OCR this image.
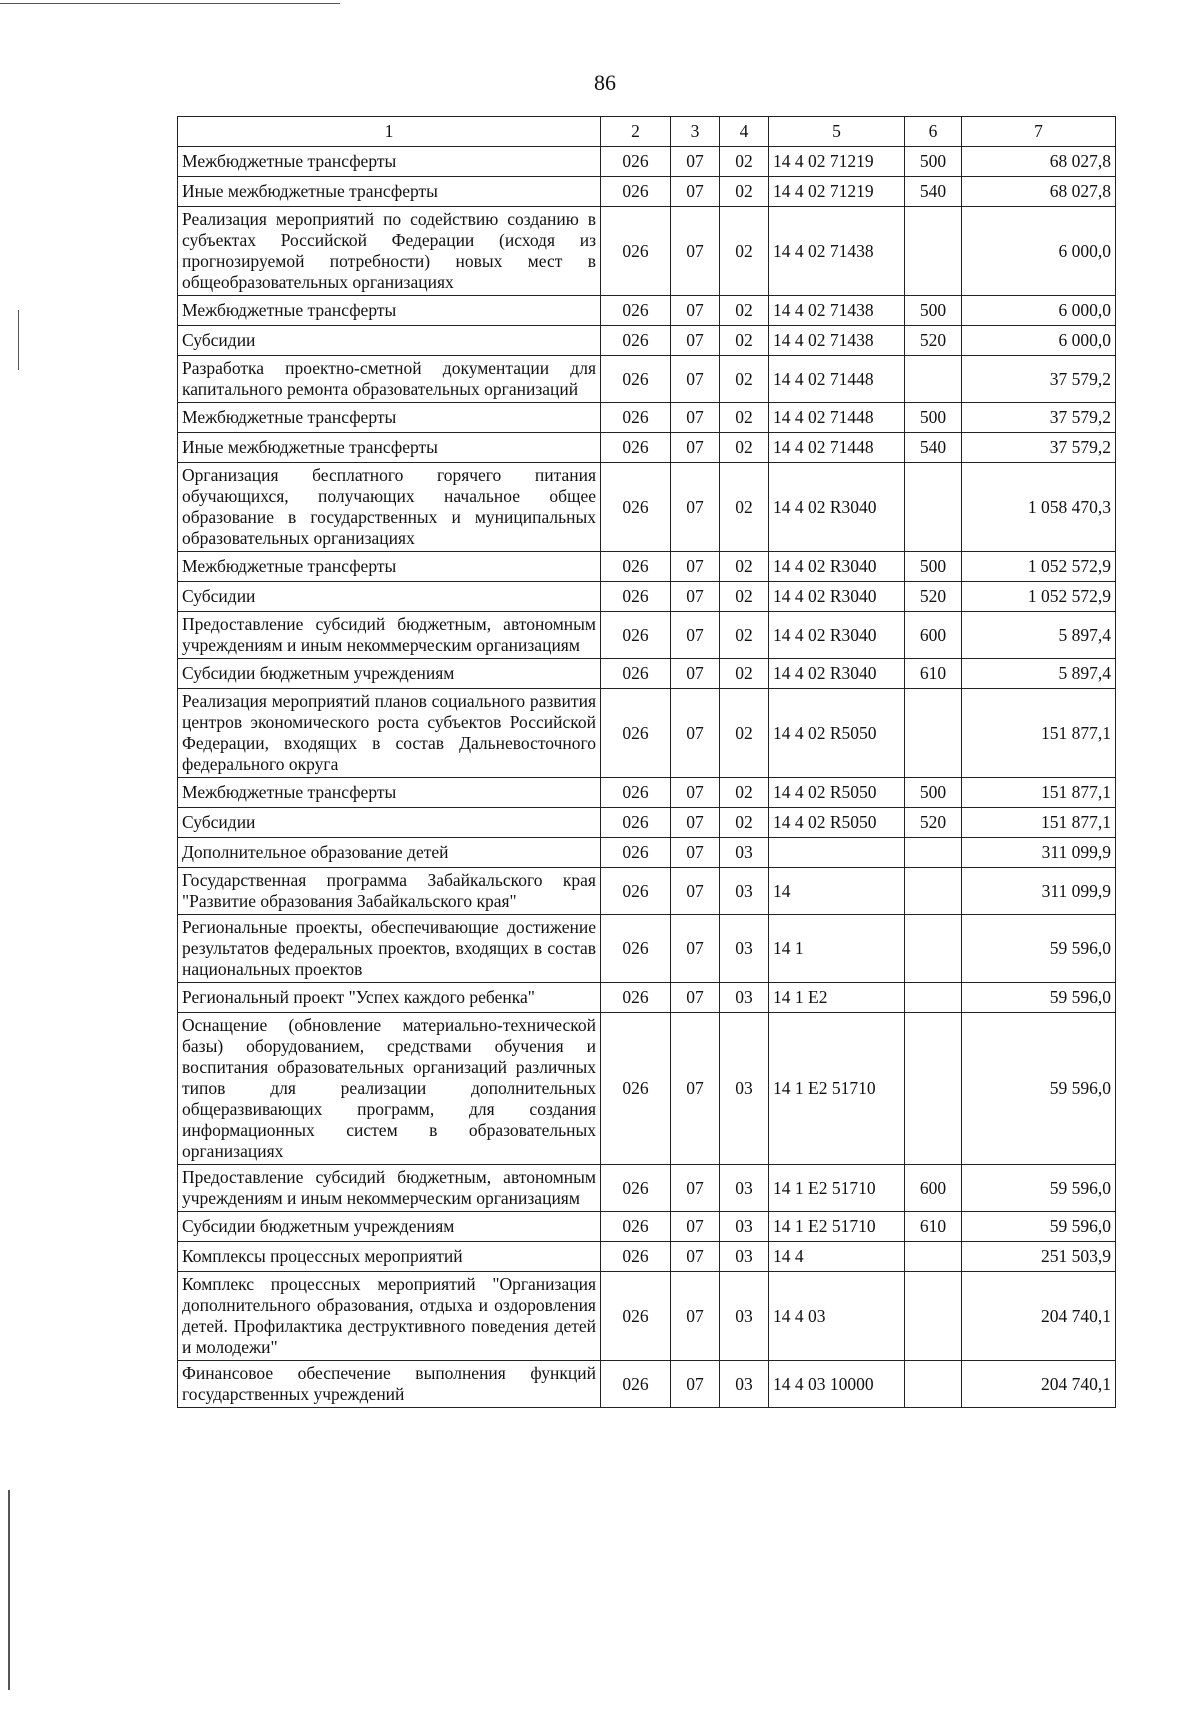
86
1	2	3	4	5	6	7
Межбюджетные трансферты	026	07	02	14 4 02 71219	500	68 027,8
Иные межбюджетные трансферты	026	07	02	14 4 02 71219	540	68 027,8
Реализация мероприятий по содействию созданию в субъектах Российской Федерации (исходя из прогнозируемой потребности) новых мест в общеобразовательных организациях	026	07	02	14 4 02 71438		6 000,0
Межбюджетные трансферты	026	07	02	14 4 02 71438	500	6 000,0
Субсидии	026	07	02	14 4 02 71438	520	6 000,0
Разработка проектно-сметной документации для капитального ремонта образовательных организаций	026	07	02	14 4 02 71448		37 579,2
Межбюджетные трансферты	026	07	02	14 4 02 71448	500	37 579,2
Иные межбюджетные трансферты	026	07	02	14 4 02 71448	540	37 579,2
Организация бесплатного горячего питания обучающихся, получающих начальное общее образование в государственных и муниципальных образовательных организациях	026	07	02	14 4 02 R3040		1 058 470,3
Межбюджетные трансферты	026	07	02	14 4 02 R3040	500	1 052 572,9
Субсидии	026	07	02	14 4 02 R3040	520	1 052 572,9
Предоставление субсидий бюджетным, автономным учреждениям и иным некоммерческим организациям	026	07	02	14 4 02 R3040	600	5 897,4
Субсидии бюджетным учреждениям	026	07	02	14 4 02 R3040	610	5 897,4
Реализация мероприятий планов социального развития центров экономического роста субъектов Российской Федерации, входящих в состав Дальневосточного федерального округа	026	07	02	14 4 02 R5050		151 877,1
Межбюджетные трансферты	026	07	02	14 4 02 R5050	500	151 877,1
Субсидии	026	07	02	14 4 02 R5050	520	151 877,1
Дополнительное образование детей	026	07	03			311 099,9
Государственная программа Забайкальского края "Развитие образования Забайкальского края"	026	07	03	14		311 099,9
Региональные проекты, обеспечивающие достижение результатов федеральных проектов, входящих в состав национальных проектов	026	07	03	14 1		59 596,0
Региональный проект "Успех каждого ребенка"	026	07	03	14 1 E2		59 596,0
Оснащение (обновление материально-технической базы) оборудованием, средствами обучения и воспитания образовательных организаций различных типов для реализации дополнительных общеразвивающих программ, для создания информационных систем в образовательных организациях	026	07	03	14 1 E2 51710		59 596,0
Предоставление субсидий бюджетным, автономным учреждениям и иным некоммерческим организациям	026	07	03	14 1 E2 51710	600	59 596,0
Субсидии бюджетным учреждениям	026	07	03	14 1 E2 51710	610	59 596,0
Комплексы процессных мероприятий	026	07	03	14 4		251 503,9
Комплекс процессных мероприятий "Организация дополнительного образования, отдыха и оздоровления детей. Профилактика деструктивного поведения детей и молодежи"	026	07	03	14 4 03		204 740,1
Финансовое обеспечение выполнения функций государственных учреждений	026	07	03	14 4 03 10000		204 740,1
